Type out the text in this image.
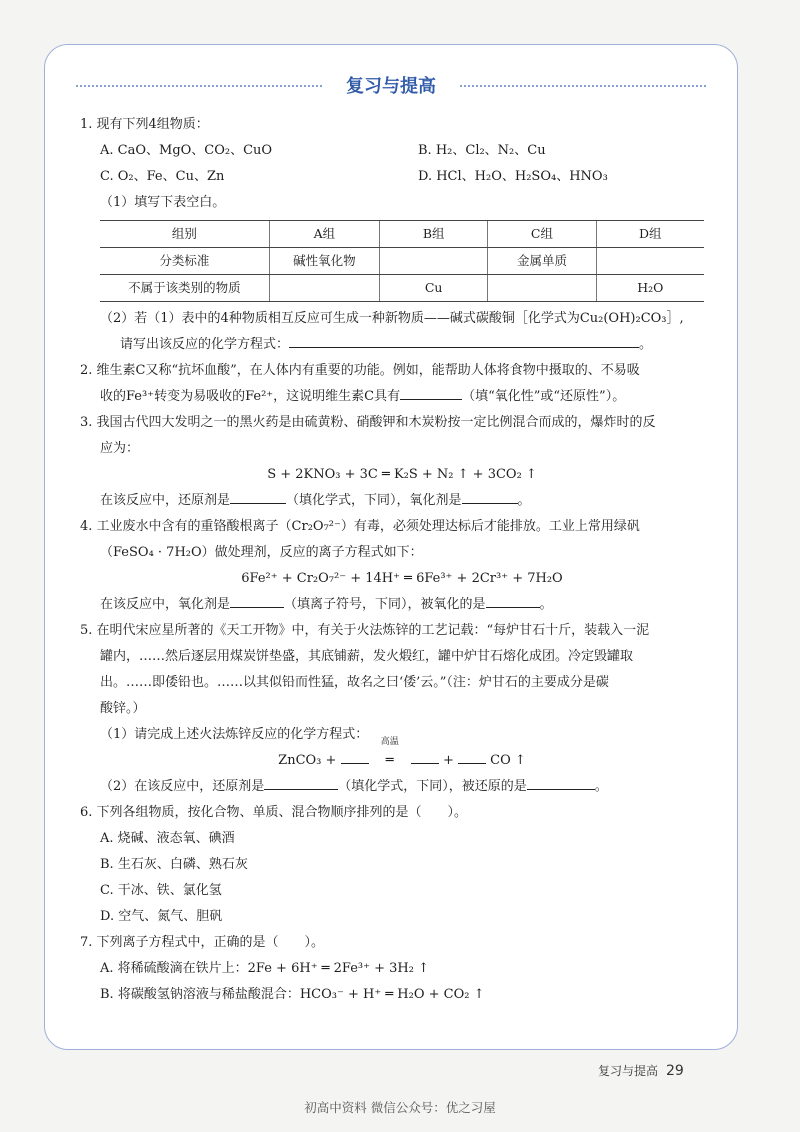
复习与提高
1. 现有下列4组物质：
A. CaO、MgO、CO₂、CuO	B. H₂、Cl₂、N₂、Cu
C. O₂、Fe、Cu、Zn	D. HCl、H₂O、H₂SO₄、HNO₃
（1）填写下表空白。
组别	A组	B组	C组	D组
分类标准	碱性氧化物		金属单质	
不属于该类别的物质		Cu		H₂O
（2）若（1）表中的4种物质相互反应可生成一种新物质——碱式碳酸铜［化学式为Cu₂(OH)₂CO₃］,
请写出该反应的化学方程式：	。
2. 维生素C又称“抗坏血酸”，在人体内有重要的功能。例如，能帮助人体将食物中摄取的、不易吸
收的Fe³⁺转变为易吸收的Fe²⁺，这说明维生素C具有	（填“氧化性”或“还原性”）。
3. 我国古代四大发明之一的黑火药是由硫黄粉、硝酸钾和木炭粉按一定比例混合而成的，爆炸时的反
应为：
S + 2KNO₃ + 3C ═ K₂S + N₂ ↑ + 3CO₂ ↑
在该反应中，还原剂是	（填化学式，下同），氧化剂是	。
4. 工业废水中含有的重铬酸根离子（Cr₂O₇²⁻）有毒，必须处理达标后才能排放。工业上常用绿矾
（FeSO₄ · 7H₂O）做处理剂，反应的离子方程式如下：
6Fe²⁺ + Cr₂O₇²⁻ + 14H⁺ ═ 6Fe³⁺ + 2Cr³⁺ + 7H₂O
在该反应中，氧化剂是	（填离子符号，下同），被氧化的是	。
5. 在明代宋应星所著的《天工开物》中，有关于火法炼锌的工艺记载：“每炉甘石十斤，装载入一泥
罐内，……然后逐层用煤炭饼垫盛，其底铺薪，发火煅红，罐中炉甘石熔化成团。冷定毁罐取
出。……即倭铅也。……以其似铅而性猛，故名之曰‘倭’云。”（注：炉甘石的主要成分是碳
酸锌。）
（1）请完成上述火法炼锌反应的化学方程式：
ZnCO₃ +
高温
═	+	CO ↑
（2）在该反应中，还原剂是	（填化学式，下同），被还原的是	。
6. 下列各组物质，按化合物、单质、混合物顺序排列的是（　　）。
A. 烧碱、液态氧、碘酒
B. 生石灰、白磷、熟石灰
C. 干冰、铁、氯化氢
D. 空气、氮气、胆矾
7. 下列离子方程式中，正确的是（　　）。
A. 将稀硫酸滴在铁片上：2Fe + 6H⁺ ═ 2Fe³⁺ + 3H₂ ↑
B. 将碳酸氢钠溶液与稀盐酸混合：HCO₃⁻ + H⁺ ═ H₂O + CO₂ ↑
复习与提高 29
初高中资料 微信公众号：优之习屋
